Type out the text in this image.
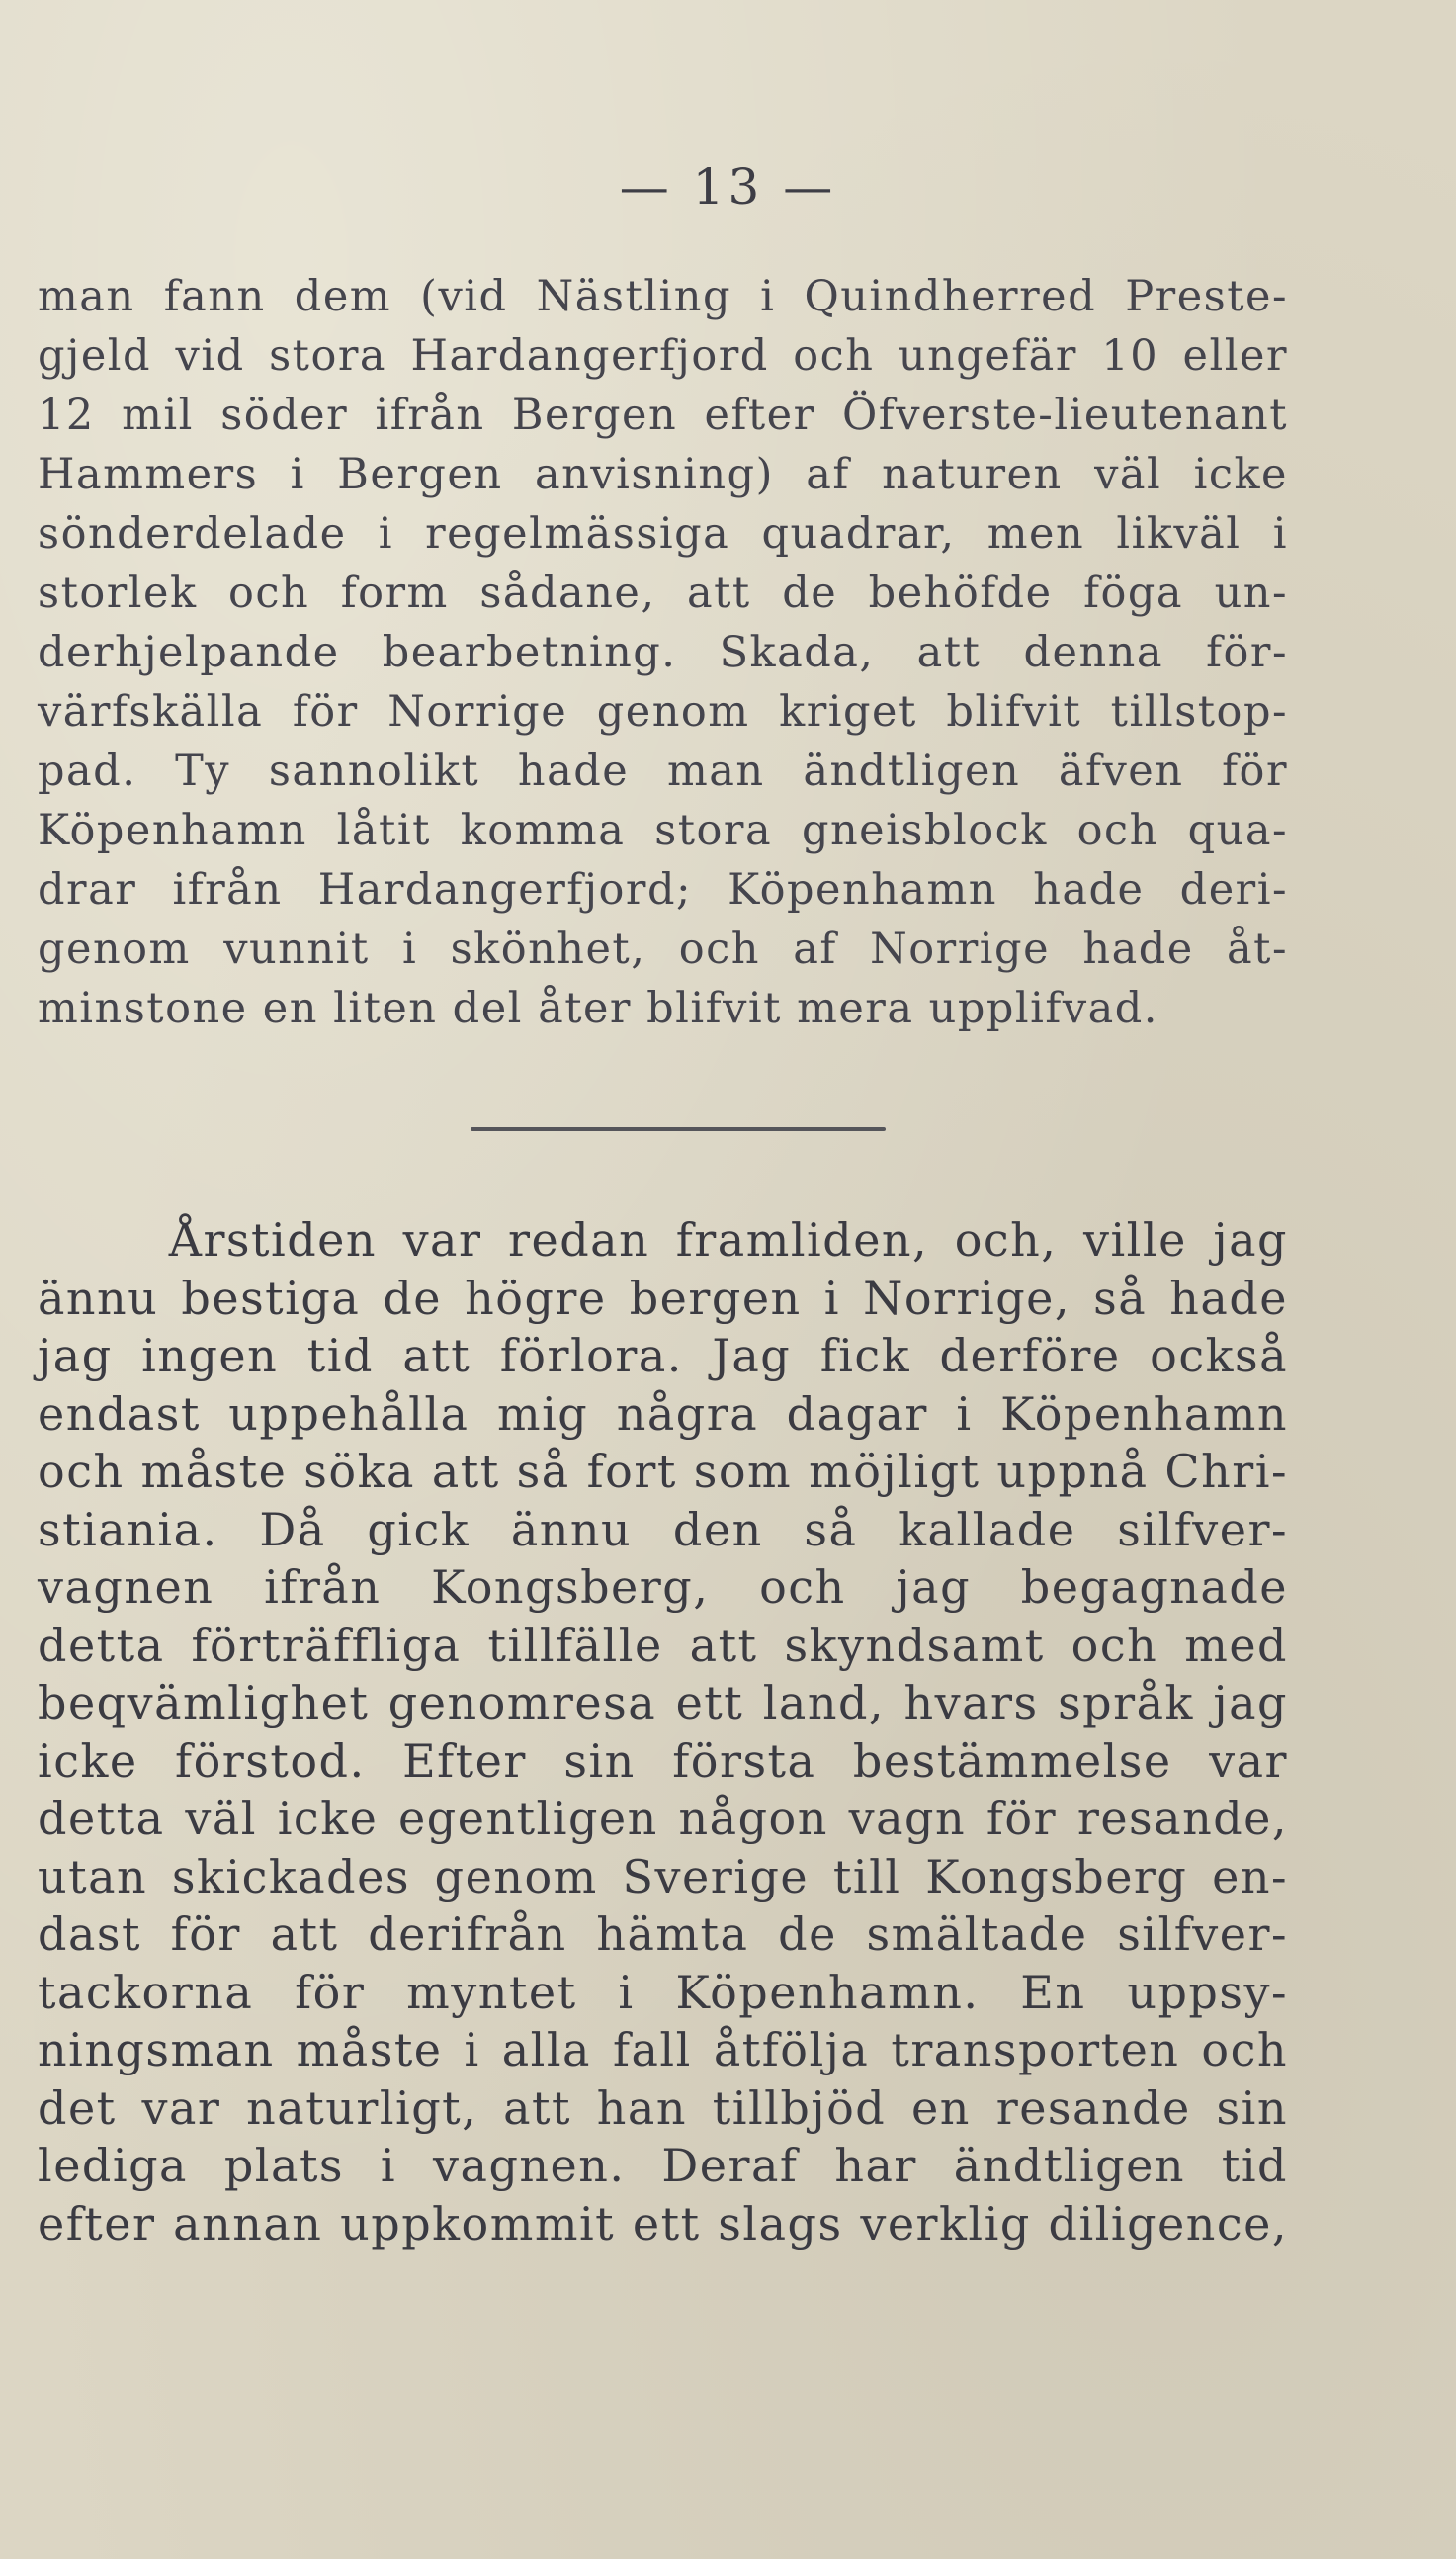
— 13 —
man fann dem (vid Nästling i Quindherred Preste-
gjeld vid stora Hardangerfjord och ungefär 10 eller
12 mil söder ifrån Bergen efter Öfverste-lieutenant
Hammers i Bergen anvisning) af naturen väl icke
sönderdelade i regelmässiga quadrar, men likväl i
storlek och form sådane, att de behöfde föga un-
derhjelpande bearbetning. Skada, att denna för-
värfskälla för Norrige genom kriget blifvit tillstop-
pad. Ty sannolikt hade man ändtligen äfven för
Köpenhamn låtit komma stora gneisblock och qua-
drar ifrån Hardangerfjord; Köpenhamn hade deri-
genom vunnit i skönhet, och af Norrige hade åt-
minstone en liten del åter blifvit mera upplifvad.
Årstiden var redan framliden, och, ville jag
ännu bestiga de högre bergen i Norrige, så hade
jag ingen tid att förlora. Jag fick derföre också
endast uppehålla mig några dagar i Köpenhamn
och måste söka att så fort som möjligt uppnå Chri-
stiania. Då gick ännu den så kallade silfver-
vagnen ifrån Kongsberg, och jag begagnade
detta förträffliga tillfälle att skyndsamt och med
beqvämlighet genomresa ett land, hvars språk jag
icke förstod. Efter sin första bestämmelse var
detta väl icke egentligen någon vagn för resande,
utan skickades genom Sverige till Kongsberg en-
dast för att derifrån hämta de smältade silfver-
tackorna för myntet i Köpenhamn. En uppsy-
ningsman måste i alla fall åtfölja transporten och
det var naturligt, att han tillbjöd en resande sin
lediga plats i vagnen. Deraf har ändtligen tid
efter annan uppkommit ett slags verklig diligence,
